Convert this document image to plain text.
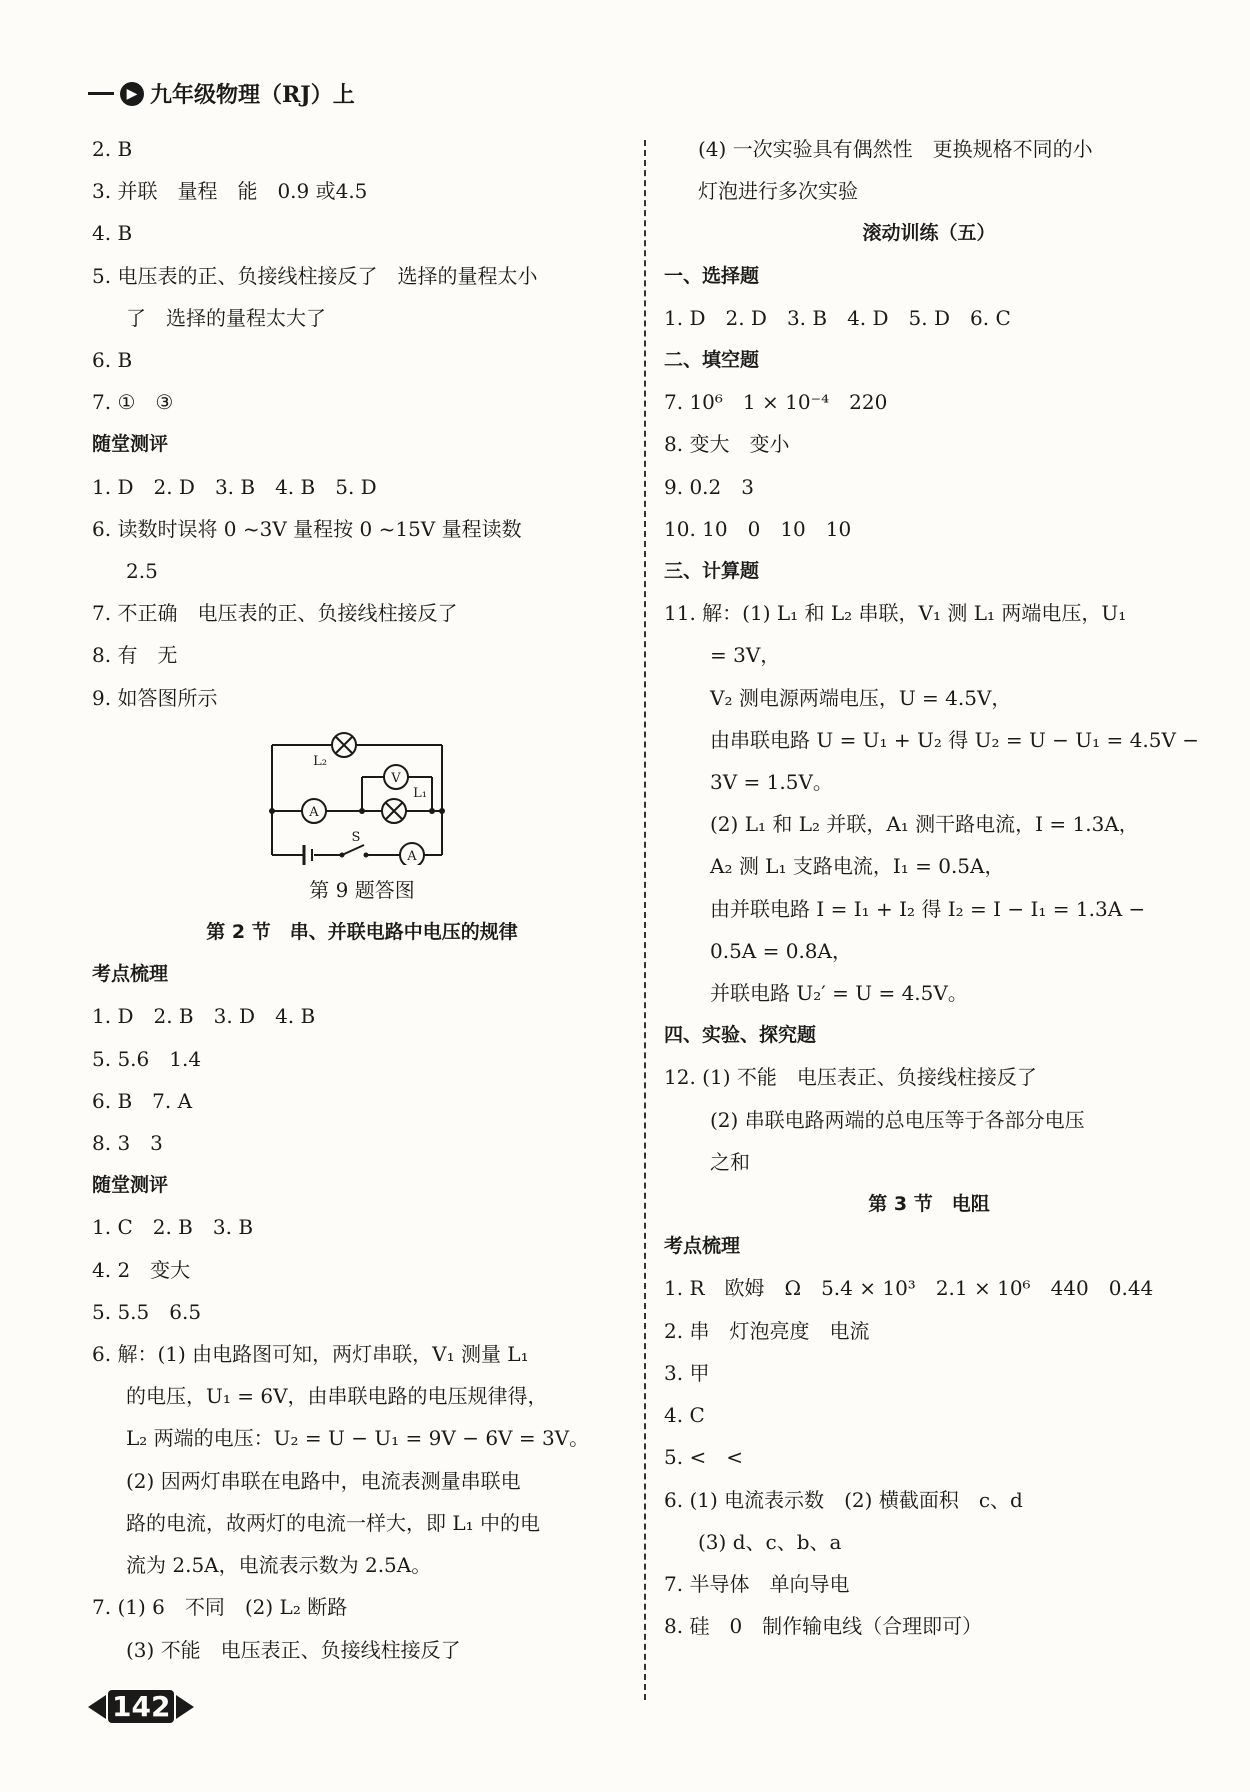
▶ 九年级物理（RJ）上
2. B
3. 并联　量程　能　0.9 或4.5
4. B
5. 电压表的正、负接线柱接反了　选择的量程太小
了　选择的量程太大了
6. B
7. ①　③
随堂测评
1. D　2. D　3. B　4. B　5. D
6. 读数时误将 0 ~3V 量程按 0 ~15V 量程读数
2.5
7. 不正确　电压表的正、负接线柱接反了
8. 有　无
9. 如答图所示
A
A
V
L₂
L₁
S
第 9 题答图
第 2 节　串、并联电路中电压的规律
考点梳理
1. D　2. B　3. D　4. B
5. 5.6　1.4
6. B　7. A
8. 3　3
随堂测评
1. C　2. B　3. B
4. 2　变大
5. 5.5　6.5
6. 解：(1) 由电路图可知，两灯串联，V₁ 测量 L₁
的电压，U₁ = 6V，由串联电路的电压规律得，
L₂ 两端的电压：U₂ = U − U₁ = 9V − 6V = 3V。
(2) 因两灯串联在电路中，电流表测量串联电
路的电流，故两灯的电流一样大，即 L₁ 中的电
流为 2.5A，电流表示数为 2.5A。
7. (1) 6　不同　(2) L₂ 断路
(3) 不能　电压表正、负接线柱接反了
(4) 一次实验具有偶然性　更换规格不同的小
灯泡进行多次实验
滚动训练（五）
一、选择题
1. D　2. D　3. B　4. D　5. D　6. C
二、填空题
7. 10⁶　1 × 10⁻⁴　220
8. 变大　变小
9. 0.2　3
10. 10　0　10　10
三、计算题
11. 解：(1) L₁ 和 L₂ 串联，V₁ 测 L₁ 两端电压，U₁
= 3V，
V₂ 测电源两端电压，U = 4.5V，
由串联电路 U = U₁ + U₂ 得 U₂ = U − U₁ = 4.5V −
3V = 1.5V。
(2) L₁ 和 L₂ 并联，A₁ 测干路电流，I = 1.3A，
A₂ 测 L₁ 支路电流，I₁ = 0.5A，
由并联电路 I = I₁ + I₂ 得 I₂ = I − I₁ = 1.3A −
0.5A = 0.8A，
并联电路 U₂′ = U = 4.5V。
四、实验、探究题
12. (1) 不能　电压表正、负接线柱接反了
(2) 串联电路两端的总电压等于各部分电压
之和
第 3 节　电阻
考点梳理
1. R　欧姆　Ω　5.4 × 10³　2.1 × 10⁶　440　0.44
2. 串　灯泡亮度　电流
3. 甲
4. C
5. <　<
6. (1) 电流表示数　(2) 横截面积　c、d
(3) d、c、b、a
7. 半导体　单向导电
8. 硅　0　制作输电线（合理即可）
142
